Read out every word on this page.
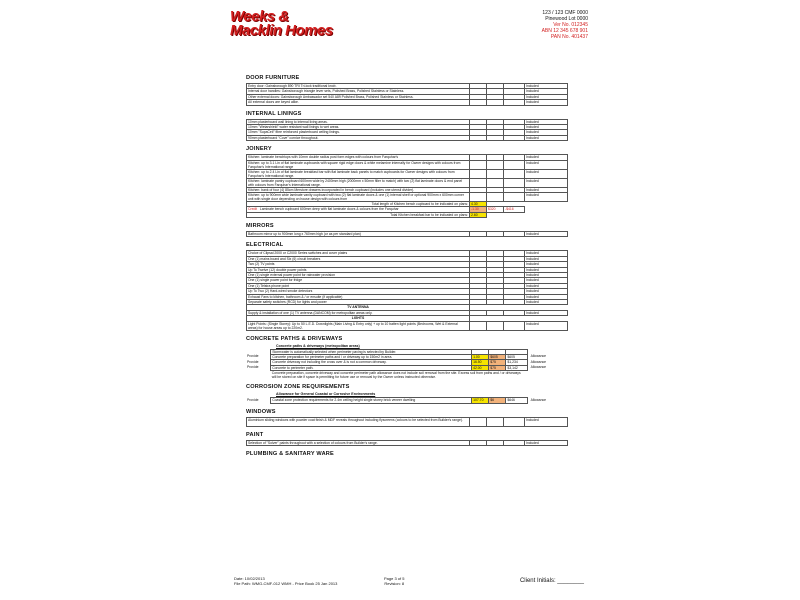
Weeks &
Macklin Homes
123 / 123 CMF 0000
Pinewood Lot 0000
Ver No. 012345
ABN 12 345 678 901
PAN No. 401437
DOOR FURNITURE
Entry door: Gainsborough 890 TRI Tri-lock traditional knob.				Included
Internal door handles: Gainsborough triangle lever sets, Polished Brass, Polished Stainless or Stainless.				Included
Other external doors: Gainsborough Ambassador set 540 A89 Polished Brass, Polished Stainless or Stainless.				Included
All external doors are keyed alike.				Included
INTERNAL LININGS
10mm plasterboard wall lining to internal living areas.				Included
10mm "Wetarshield" water resistant wall linings to wet areas.				Included
10mm "SupaCeil" fibre reinforced plasterboard ceiling linings.				Included
90mm plasterboard "Cove" cornice throughout.				Included
JOINERY
Kitchen: laminate benchtops with 10mm double radius post form edges with colours from Farquhar's				Included
Kitchen: up to 3.1 Lin of flat laminate cupboards with square rigid edge doors & white melamine internally for Owner designs with colours from Farquhar's International range				Included
Kitchen: up to 2.4 Lin of flat laminate breakfast bar with flat laminate back panels to match cupboards for Owner designs with colours from Farquhar's International range.				Included
Kitchen: laminate pantry cupboard 600mm wide by 2400mm high (2000mm x 50mm filler to match) with two (2) flat laminate doors & end panel with colours from Farquhar's International range.				Included
Kitchen: bank of four (4) 85cm Merstore drawers incorporated in bench cupboard (includes one utensil divider).				Included
Kitchen: up to 900mm wide laminate vanity cupboard with two (2) flat laminate doors & one (1) internal shelf or optional 900mm x 600mm corner unit with single door depending on house design with colours from				Included
Total length of Kitchen bench cupboard to be indicated on plans:	4.30			
Credit Laminate bench cupboard 600mm deep with flat laminate doors & colours from the Farquhar	-1.30	$320	-$416	
Total Kitchen breakfast bar to be indicated on plans:	2.60			
MIRRORS
Bathroom mirror up to 900mm long x 760mm high (or as per standard plan)				Included
ELECTRICAL
Choice of Clipsal 2000 or C2000 Series switches and cover plates				Included
One (1) mains board and Six (6) circuit breakers				Included
Two (2) TV points				Included
Up To Twelve (12) double power points				Included
One (1) single external power point for rainwater provision				Included
One (1) single power point for fridge				Included
One (1) Telstra phone point				Included
Up To Two (2) Hard-wired smoke detectors				Included
Exhaust Fans to kitchen, bathroom & / or ensuite (if applicable)				Included
Separate safety switches (RCD) for lights and power				Included
TV ANTENNA				
Supply & installation of one (1) TV antenna (DANCOM) for metropolitan areas only.				Included
LIGHTS				
Light Points: (Single Storey): Up to 50 L.E.D. Downlights (Main Living & Entry only) + up to 10 batten light points (Bedrooms, Wet & External areas) for house areas up to 220m2.				Included
CONCRETE PATHS & DRIVEWAYS
Concrete paths & driveways (metropolitan areas)
	Stormwater is automatically selected when perimeter paving is selected by Builder.				
Provide	Concrete preparation for perimeter paths and / or driveway up to 150m2 in area.	1.00	$605	$605	Allowance
Provide	Concrete driveway not including the cross over & is not a common driveway.	16.50	$75	$1,234	Allowance
Provide	Concrete to perimeter path.	42.00	$75	$3,142	Allowance
	Concrete preparation, concrete driveway and concrete perimeter path allowance does not include soil removal from the site. Excess soil from paths and / or driveways will be stored on site if space is permitting for future use or removal by the Owner unless instructed otherwise.				
CORROSION ZONE REQUIREMENTS
Allowance for General Coastal or Corrosive Environments
Provide	Coastal zone protection requirements for 2.4m ceiling height single storey brick veneer dwelling	107.70	$6	$646	Allowance
WINDOWS
Aluminium sliding windows with powder coat finish & MDF reveals throughout including flyscreens (colours to be selected from Builder's range).				Included
PAINT
Selection of "Solver" paints throughout with a selection of colours from Builder's range.				Included
PLUMBING & SANITARY WARE
Date: 10/02/2013
File Path: WMG-CMF-012 WMH - Price Book 25 Jan 2013
Page 3 of 5
Revision: 8	Client Initials: ________
